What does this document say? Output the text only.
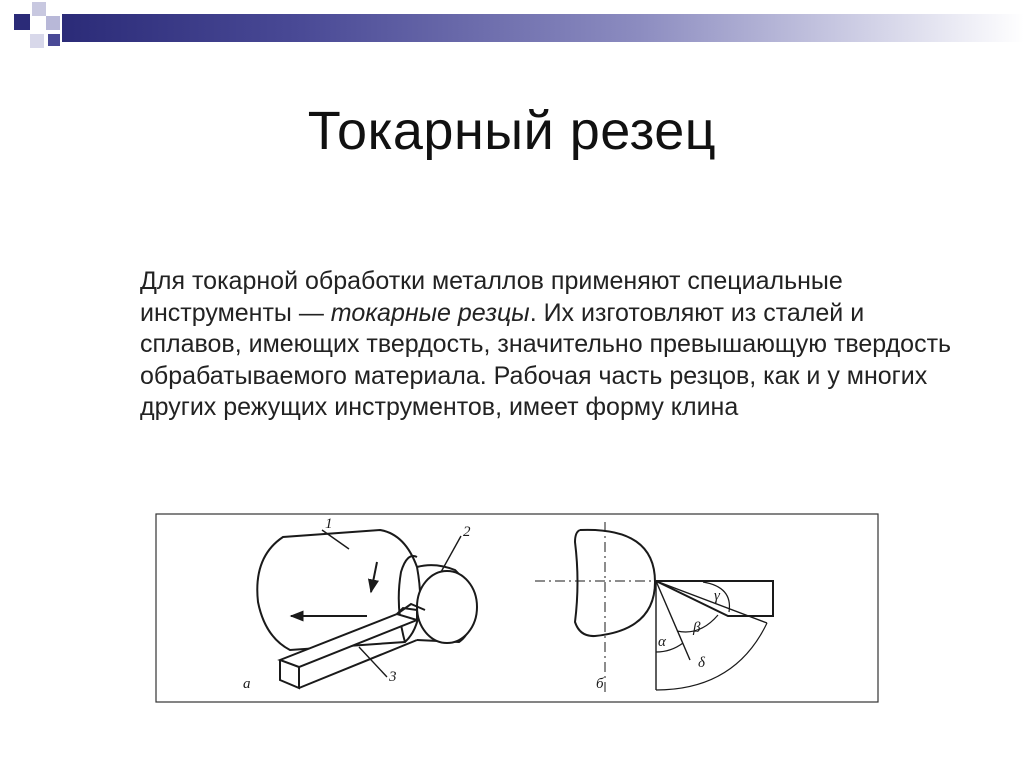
Токарный резец
Для токарной обработки металлов применяют специальные инструменты — токарные резцы. Их изготовляют из сталей и сплавов, имеющих твердость, значительно превышающую твердость обрабатываемого материала. Рабочая часть резцов, как и у многих других режущих инструментов, имеет форму клина
1	2
3
а
γ
β
α
δ
б
